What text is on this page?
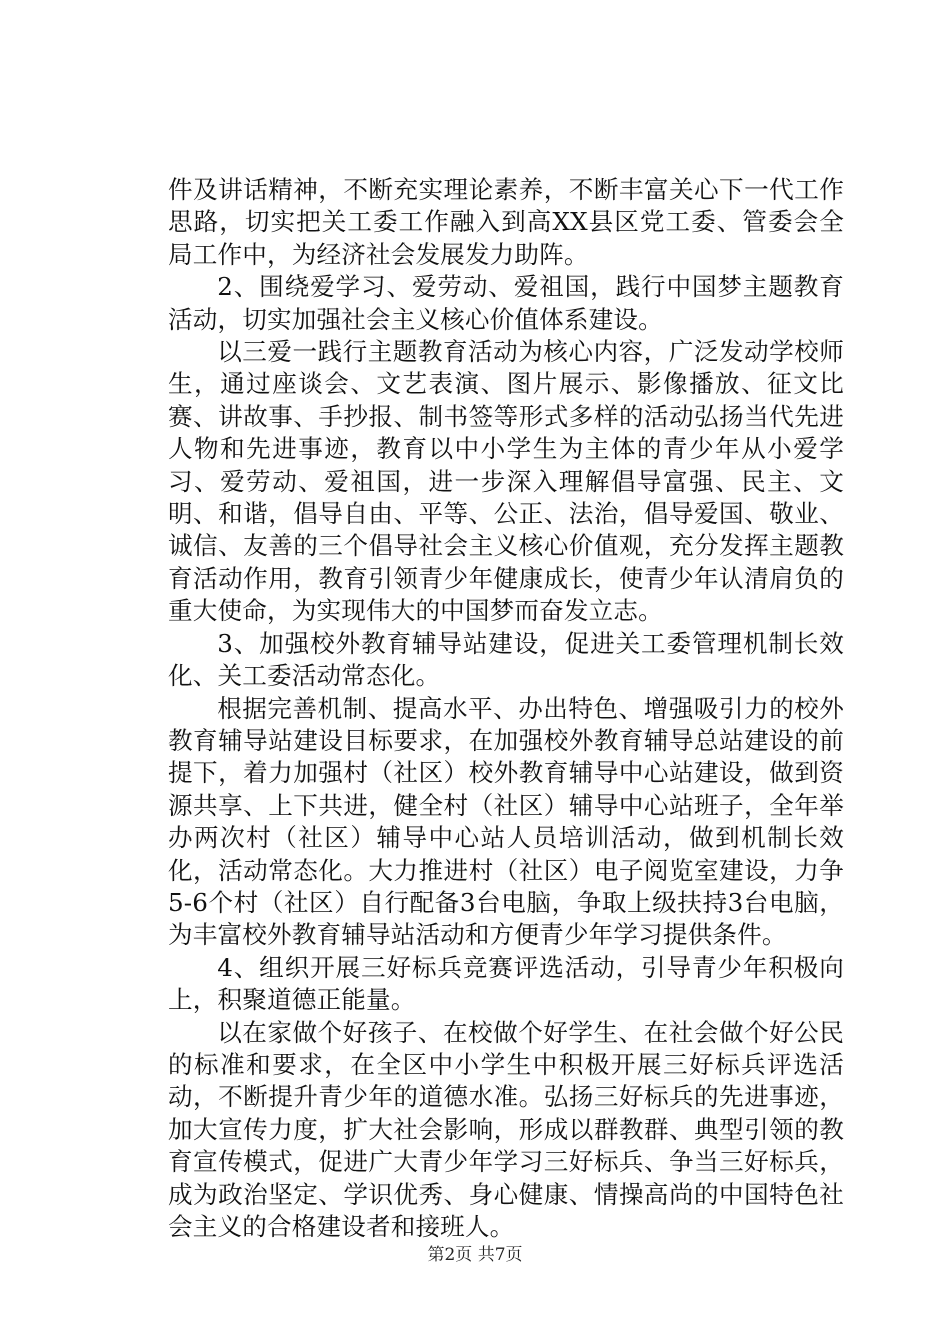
件及讲话精神，不断充实理论素养，不断丰富关心下一代工作思路，切实把关工委工作融入到高XX县区党工委、管委会全局工作中，为经济社会发展发力助阵。

2、围绕爱学习、爱劳动、爱祖国，践行中国梦主题教育活动，切实加强社会主义核心价值体系建设。

以三爱一践行主题教育活动为核心内容，广泛发动学校师生，通过座谈会、文艺表演、图片展示、影像播放、征文比赛、讲故事、手抄报、制书签等形式多样的活动弘扬当代先进人物和先进事迹，教育以中小学生为主体的青少年从小爱学习、爱劳动、爱祖国，进一步深入理解倡导富强、民主、文明、和谐，倡导自由、平等、公正、法治，倡导爱国、敬业、诚信、友善的三个倡导社会主义核心价值观，充分发挥主题教育活动作用，教育引领青少年健康成长，使青少年认清肩负的重大使命，为实现伟大的中国梦而奋发立志。

3、加强校外教育辅导站建设，促进关工委管理机制长效化、关工委活动常态化。

根据完善机制、提高水平、办出特色、增强吸引力的校外教育辅导站建设目标要求，在加强校外教育辅导总站建设的前提下，着力加强村（社区）校外教育辅导中心站建设，做到资源共享、上下共进，健全村（社区）辅导中心站班子，全年举办两次村（社区）辅导中心站人员培训活动，做到机制长效化，活动常态化。大力推进村（社区）电子阅览室建设，力争5-6个村（社区）自行配备3台电脑，争取上级扶持3台电脑，为丰富校外教育辅导站活动和方便青少年学习提供条件。

4、组织开展三好标兵竞赛评选活动，引导青少年积极向上，积聚道德正能量。

以在家做个好孩子、在校做个好学生、在社会做个好公民的标准和要求，在全区中小学生中积极开展三好标兵评选活动，不断提升青少年的道德水准。弘扬三好标兵的先进事迹，加大宣传力度，扩大社会影响，形成以群教群、典型引领的教育宣传模式，促进广大青少年学习三好标兵、争当三好标兵，成为政治坚定、学识优秀、身心健康、情操高尚的中国特色社会主义的合格建设者和接班人。

第2页 共7页
